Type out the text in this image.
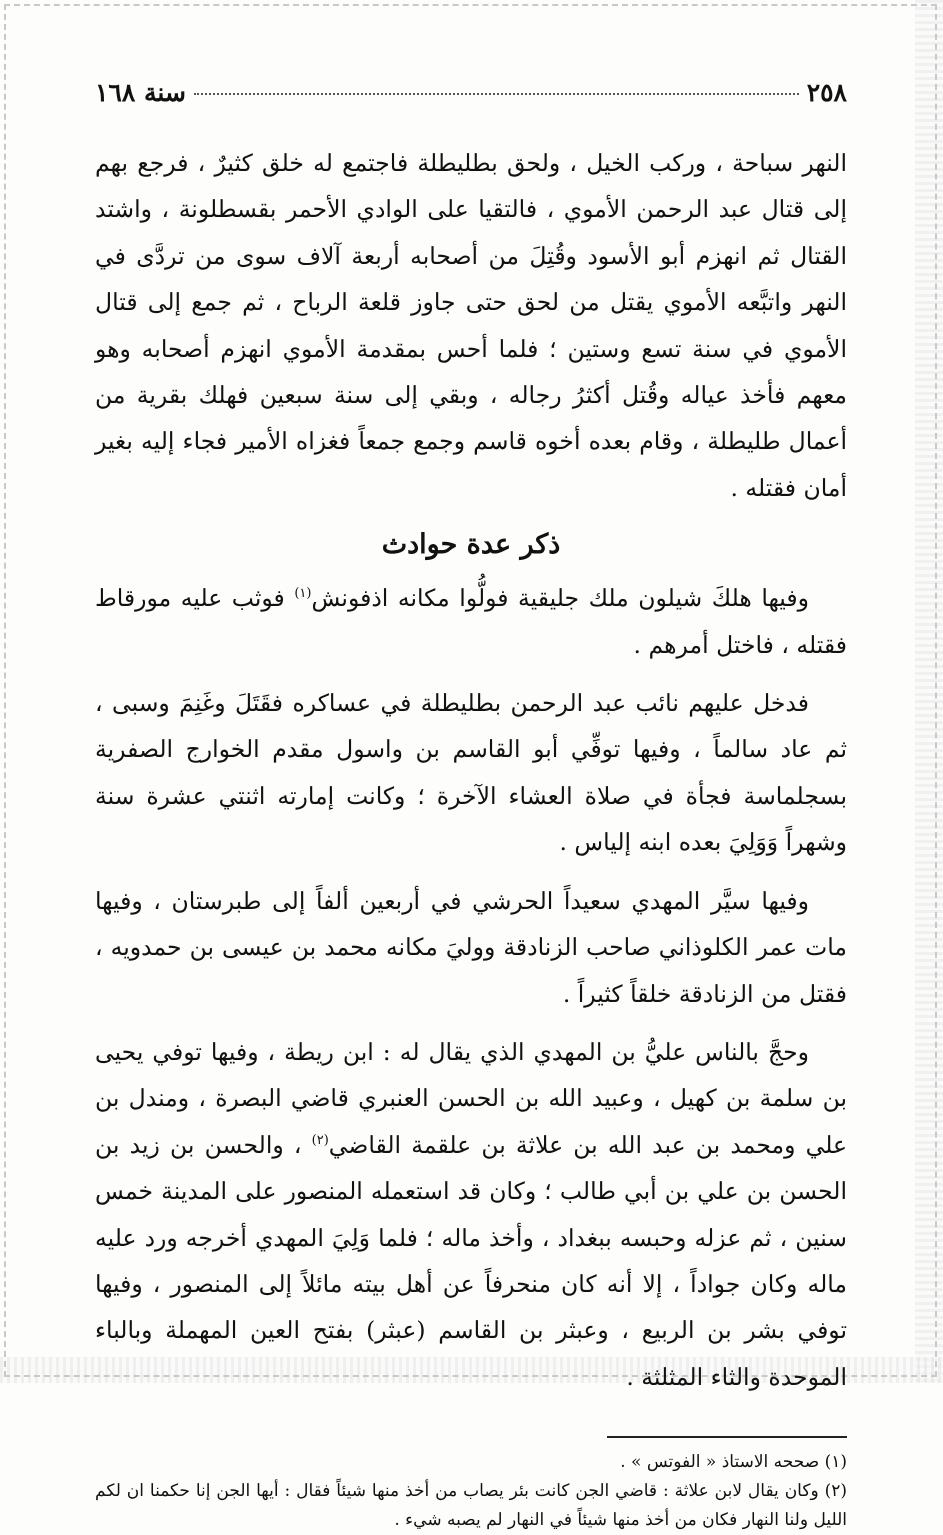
٢٥٨
سنة ١٦٨

النهر سباحة ، وركب الخيل ، ولحق بطليطلة فاجتمع له خلق كثيرٌ ، فرجع بهم إلى قتال عبد الرحمن الأموي ، فالتقيا على الوادي الأحمر بقسطلونة ، واشتد القتال ثم انهزم أبو الأسود وقُتِلَ من أصحابه أربعة آلاف سوى من تردَّى في النهر واتبَّعه الأموي يقتل من لحق حتى جاوز قلعة الرباح ، ثم جمع إلى قتال الأموي في سنة تسع وستين ؛ فلما أحس بمقدمة الأموي انهزم أصحابه وهو معهم فأخذ عياله وقُتل أكثرُ رجاله ، وبقي إلى سنة سبعين فهلك بقرية من أعمال طليطلة ، وقام بعده أخوه قاسم وجمع جمعاً فغزاه الأمير فجاء إليه بغير أمان فقتله .

ذكر عدة حوادث

وفيها هلكَ شيلون ملك جليقية فولُّوا مكانه اذفونش$^{(١)}$ فوثب عليه مورقاط فقتله ، فاختل أمرهم .

فدخل عليهم نائب عبد الرحمن بطليطلة في عساكره فقَتَلَ وغَنِمَ وسبى ، ثم عاد سالماً ، وفيها توفِّي أبو القاسم بن واسول مقدم الخوارج الصفرية بسجلماسة فجأة في صلاة العشاء الآخرة ؛ وكانت إمارته اثنتي عشرة سنة وشهراً وَوَلِيَ بعده ابنه إلياس .

وفيها سيَّر المهدي سعيداً الحرشي في أربعين ألفاً إلى طبرستان ، وفيها مات عمر الكلوذاني صاحب الزنادقة ووليَ مكانه محمد بن عيسى بن حمدويه ، فقتل من الزنادقة خلقاً كثيراً .

وحجَّ بالناس عليُّ بن المهدي الذي يقال له : ابن ريطة ، وفيها توفي يحيى بن سلمة بن كهيل ، وعبيد الله بن الحسن العنبري قاضي البصرة ، ومندل بن علي ومحمد بن عبد الله بن علاثة بن علقمة القاضي$^{(٢)}$ ، والحسن بن زيد بن الحسن بن علي بن أبي طالب ؛ وكان قد استعمله المنصور على المدينة خمس سنين ، ثم عزله وحبسه ببغداد ، وأخذ ماله ؛ فلما وَلِيَ المهدي أخرجه ورد عليه ماله وكان جواداً ، إلا أنه كان منحرفاً عن أهل بيته مائلاً إلى المنصور ، وفيها توفي بشر بن الربيع ، وعبثر بن القاسم (عبثر) بفتح العين المهملة وبالباء الموحدة والثاء المثلثة .

(١) صححه الاستاذ « الفوتس » .

(٢) وكان يقال لابن علاثة : قاضي الجن كانت بئر يصاب من أخذ منها شيئاً فقال : أيها الجن إنا حكمنا ان لكم الليل ولنا النهار فكان من أخذ منها شيئاً في النهار لم يصبه شيء .
